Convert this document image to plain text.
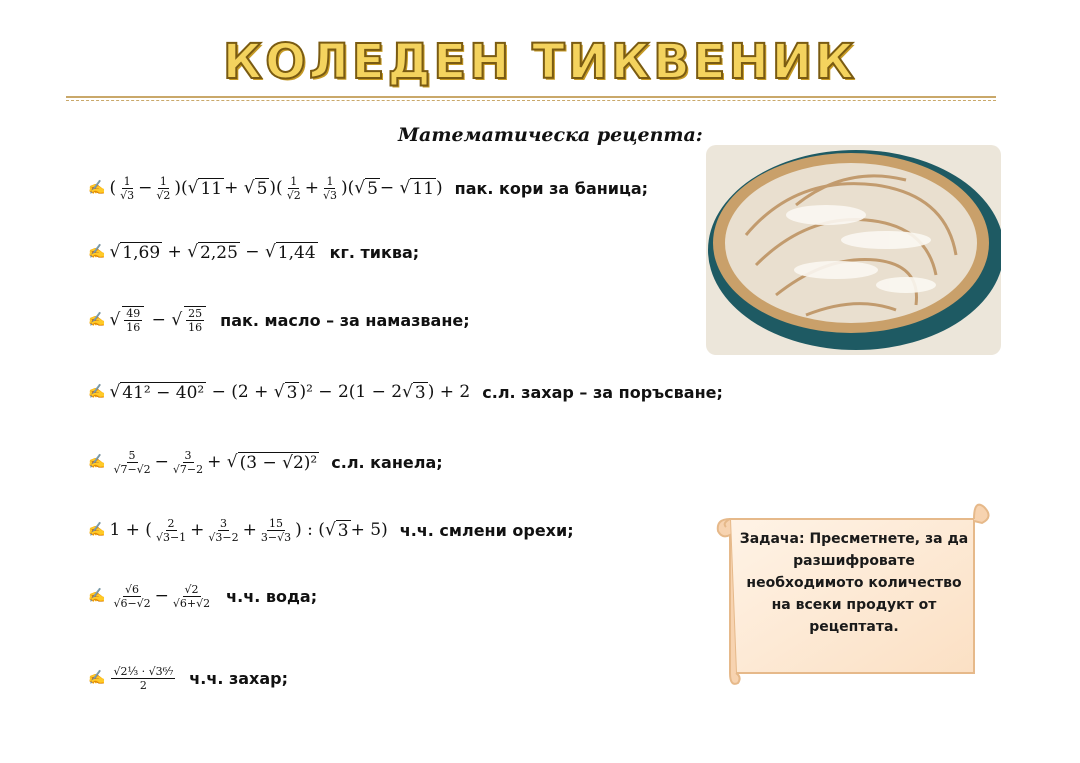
КОЛЕДЕН ТИКВЕНИК
Математическа рецепта:
✍ ( $\frac{1}{√3} - \frac{1}{√2}$ )(√ 11 + √ 5 )( $\frac{1}{√2} + \frac{1}{√3}$ )(√ 5 − √ 11 ) пак. кори за баница;
✍ √ 1,69 + √ 2,25 − √ 1,44 кг. тиква;
✍ √ $\frac{49}{16}$ − √ $\frac{25}{16}$ пак. масло – за намазване;
✍ √ 41² − 40² − (2 + √ 3 )² − 2(1 − 2√ 3 ) + 2 с.л. захар – за поръсване;
✍ $\frac{5}{√7-√2} - \frac{3}{√7-2}$ + √ (3 − √2)² с.л. канела;
✍ 1 + ( $\frac{2}{√3-1} + \frac{3}{√3-2} + \frac{15}{3-√3}$ ) : (√ 3 + 5) ч.ч. смлени орехи;
✍ $\frac{√6}{√6-√2} - \frac{√2}{√6+√2} ч.ч$. вода;
✍ $\frac{\text{√2⅓ · √3⁶⁄₇}}{2} ч.ч$. захар;
Задача: Пресметнете, за да разшифровате необходимото количество на всеки продукт от рецептата.
